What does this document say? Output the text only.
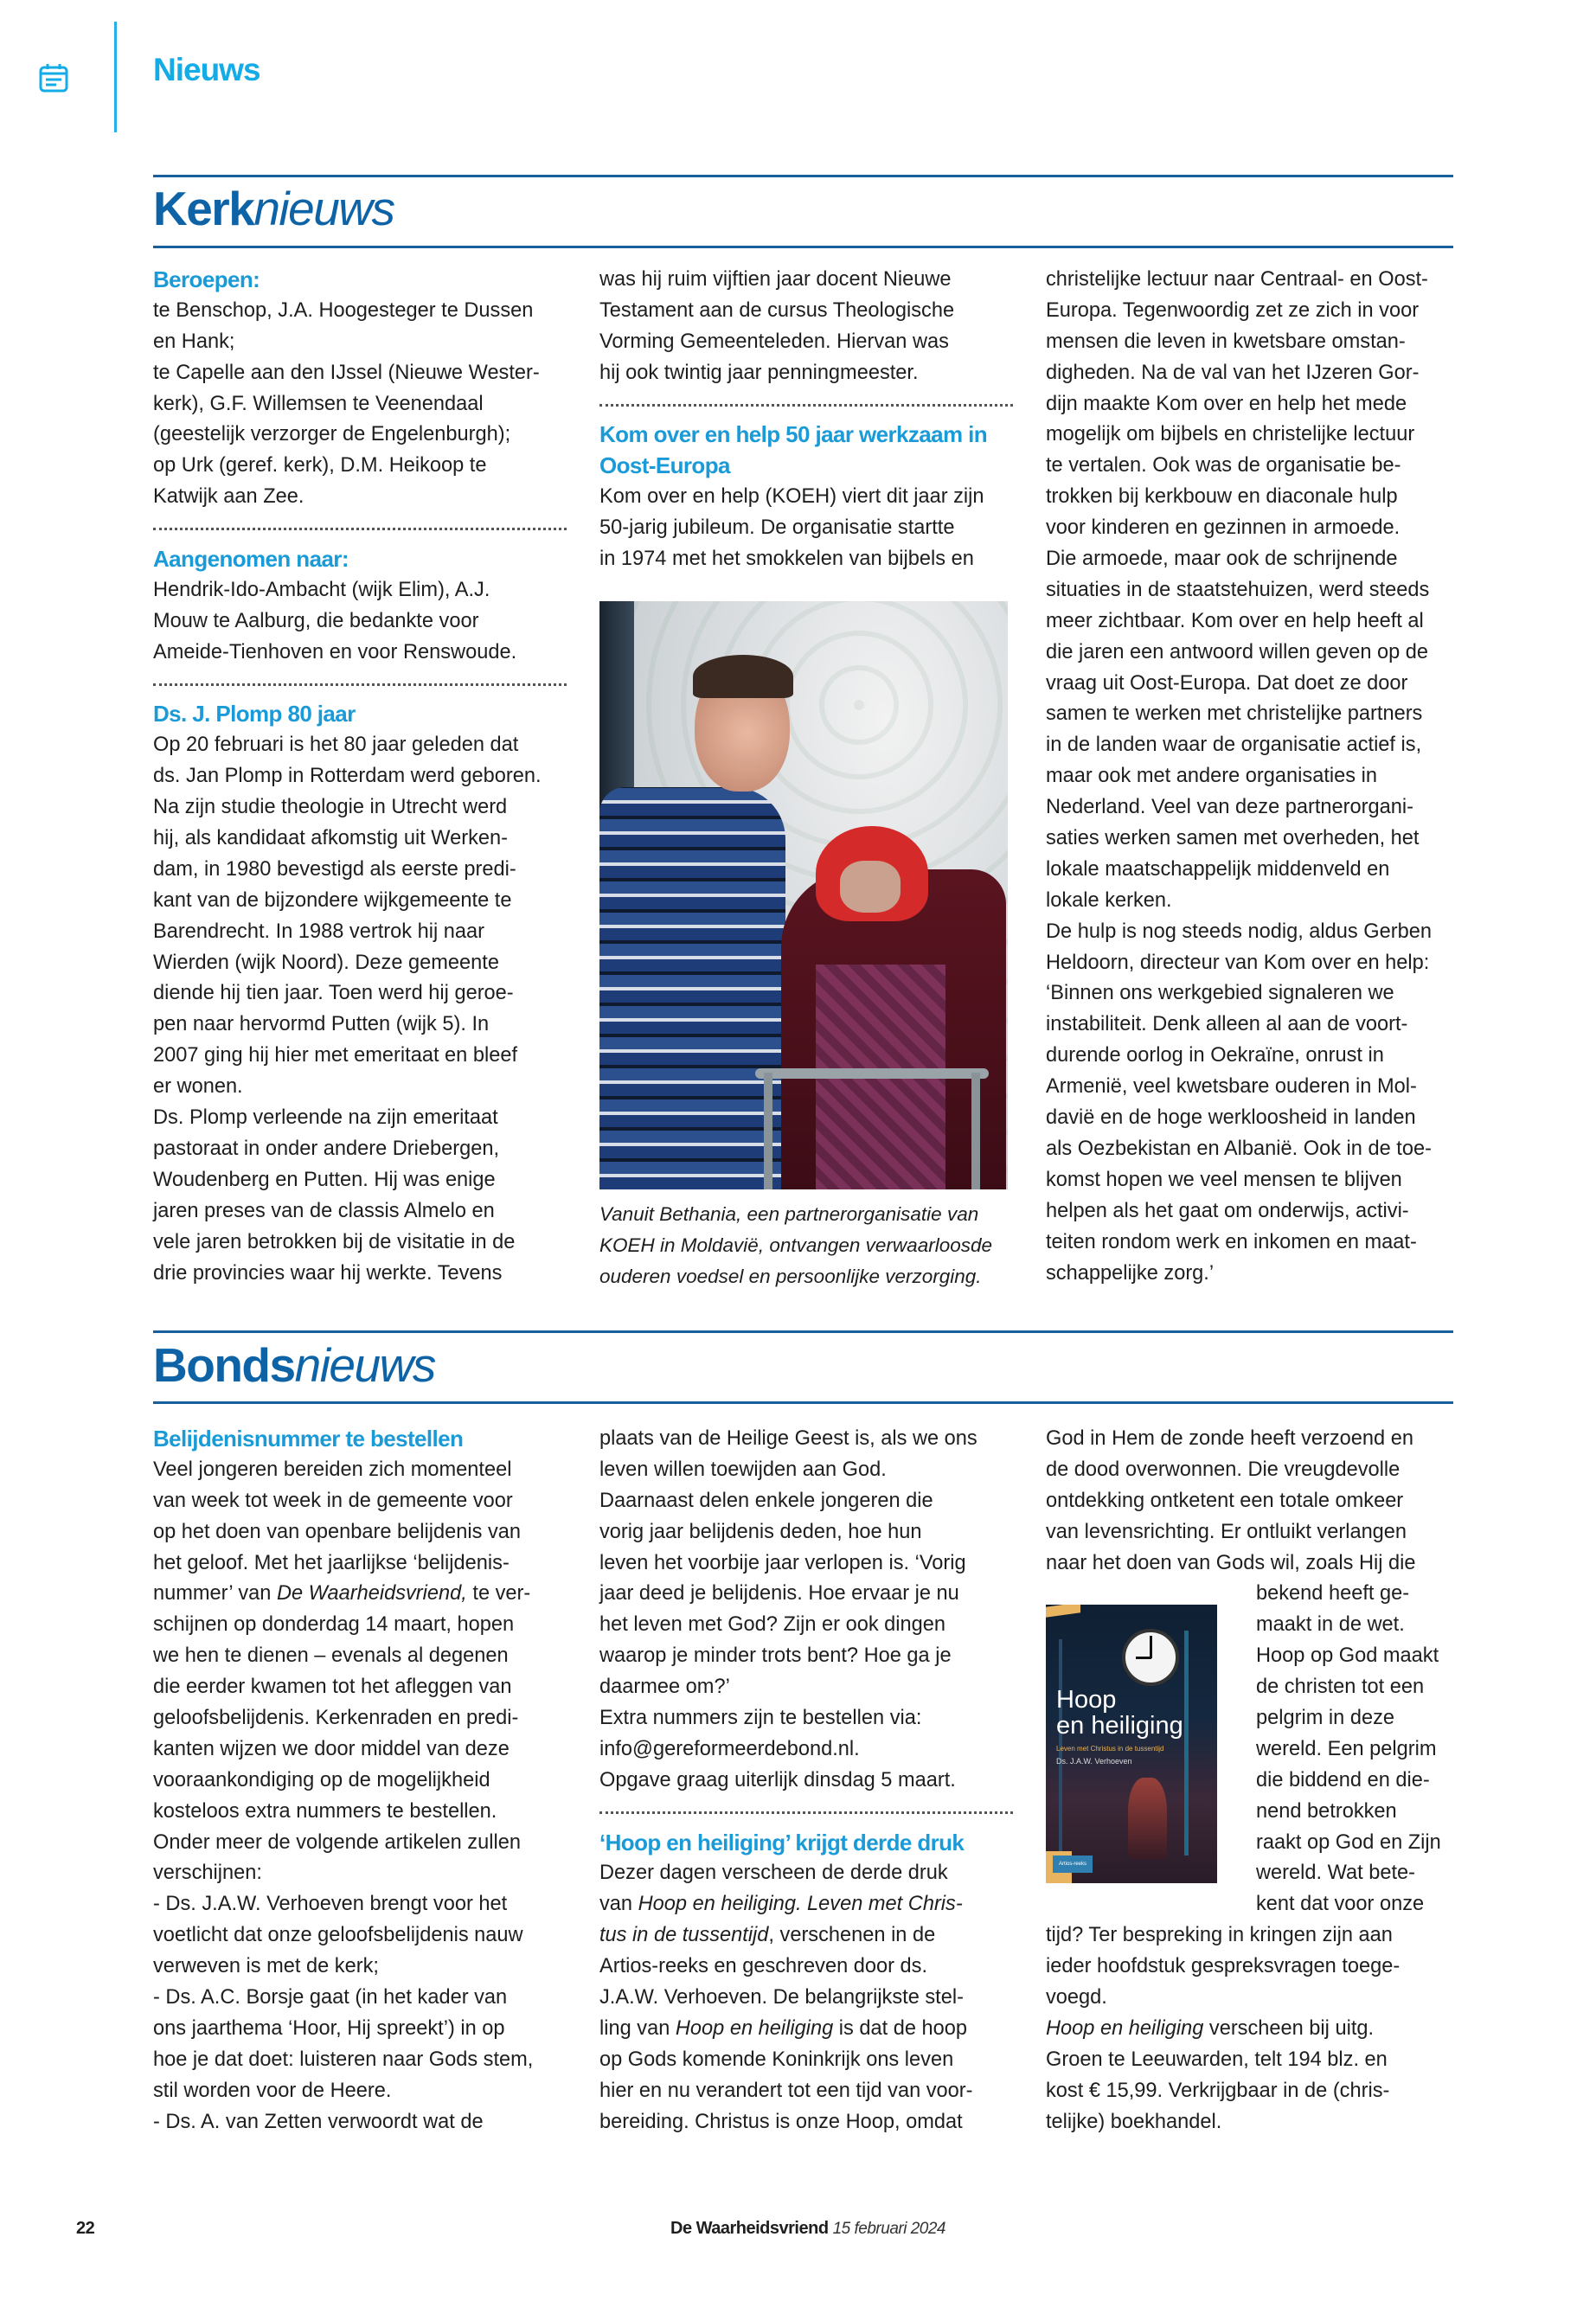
Nieuws
Kerknieuws
Beroepen:
te Benschop, J.A. Hoogesteger te Dussen
en Hank;
te Capelle aan den IJssel (Nieuwe Wester-
kerk), G.F. Willemsen te Veenendaal
(geestelijk verzorger de Engelenburgh);
op Urk (geref. kerk), D.M. Heikoop te
Katwijk aan Zee.
Aangenomen naar:
Hendrik-Ido-Ambacht (wijk Elim), A.J.
Mouw te Aalburg, die bedankte voor
Ameide-Tienhoven en voor Renswoude.
Ds. J. Plomp 80 jaar
Op 20 februari is het 80 jaar geleden dat
ds. Jan Plomp in Rotterdam werd geboren.
Na zijn studie theologie in Utrecht werd
hij, als kandidaat afkomstig uit Werken-
dam, in 1980 bevestigd als eerste predi-
kant van de bijzondere wijkgemeente te
Barendrecht. In 1988 vertrok hij naar
Wierden (wijk Noord). Deze gemeente
diende hij tien jaar. Toen werd hij geroe-
pen naar hervormd Putten (wijk 5). In
2007 ging hij hier met emeritaat en bleef
er wonen.
Ds. Plomp verleende na zijn emeritaat
pastoraat in onder andere Driebergen,
Woudenberg en Putten. Hij was enige
jaren preses van de classis Almelo en
vele jaren betrokken bij de visitatie in de
drie provincies waar hij werkte. Tevens
was hij ruim vijftien jaar docent Nieuwe
Testament aan de cursus Theologische
Vorming Gemeenteleden. Hiervan was
hij ook twintig jaar penningmeester.
Kom over en help 50 jaar werkzaam in
Oost-Europa
Kom over en help (KOEH) viert dit jaar zijn
50-jarig jubileum. De organisatie startte
in 1974 met het smokkelen van bijbels en
Vanuit Bethania, een partnerorganisatie van
KOEH in Moldavië, ontvangen verwaarloosde
ouderen voedsel en persoonlijke verzorging.
christelijke lectuur naar Centraal- en Oost-
Europa. Tegenwoordig zet ze zich in voor
mensen die leven in kwetsbare omstan-
digheden. Na de val van het IJzeren Gor-
dijn maakte Kom over en help het mede
mogelijk om bijbels en christelijke lectuur
te vertalen. Ook was de organisatie be-
trokken bij kerkbouw en diaconale hulp
voor kinderen en gezinnen in armoede.
Die armoede, maar ook de schrijnende
situaties in de staatstehuizen, werd steeds
meer zichtbaar. Kom over en help heeft al
die jaren een antwoord willen geven op de
vraag uit Oost-Europa. Dat doet ze door
samen te werken met christelijke partners
in de landen waar de organisatie actief is,
maar ook met andere organisaties in
Nederland. Veel van deze partnerorgani-
saties werken samen met overheden, het
lokale maatschappelijk middenveld en
lokale kerken.
De hulp is nog steeds nodig, aldus Gerben
Heldoorn, directeur van Kom over en help:
‘Binnen ons werkgebied signaleren we
instabiliteit. Denk alleen al aan de voort-
durende oorlog in Oekraïne, onrust in
Armenië, veel kwetsbare ouderen in Mol-
davië en de hoge werkloosheid in landen
als Oezbekistan en Albanië. Ook in de toe-
komst hopen we veel mensen te blijven
helpen als het gaat om onderwijs, activi-
teiten rondom werk en inkomen en maat-
schappelijke zorg.’
Bondsnieuws
Belijdenisnummer te bestellen
Veel jongeren bereiden zich momenteel
van week tot week in de gemeente voor
op het doen van openbare belijdenis van
het geloof. Met het jaarlijkse ‘belijdenis-
nummer’ van De Waarheidsvriend, te ver-
schijnen op donderdag 14 maart, hopen
we hen te dienen – evenals al degenen
die eerder kwamen tot het afleggen van
geloofsbelijdenis. Kerkenraden en predi-
kanten wijzen we door middel van deze
vooraankondiging op de mogelijkheid
kosteloos extra nummers te bestellen.
Onder meer de volgende artikelen zullen
verschijnen:
- Ds. J.A.W. Verhoeven brengt voor het
voetlicht dat onze geloofsbelijdenis nauw
verweven is met de kerk;
- Ds. A.C. Borsje gaat (in het kader van
ons jaarthema ‘Hoor, Hij spreekt’) in op
hoe je dat doet: luisteren naar Gods stem,
stil worden voor de Heere.
- Ds. A. van Zetten verwoordt wat de
plaats van de Heilige Geest is, als we ons
leven willen toewijden aan God.
Daarnaast delen enkele jongeren die
vorig jaar belijdenis deden, hoe hun
leven het voorbije jaar verlopen is. ‘Vorig
jaar deed je belijdenis. Hoe ervaar je nu
het leven met God? Zijn er ook dingen
waarop je minder trots bent? Hoe ga je
daarmee om?’
Extra nummers zijn te bestellen via:
info@gereformeerdebond.nl.
Opgave graag uiterlijk dinsdag 5 maart.
‘Hoop en heiliging’ krijgt derde druk
Dezer dagen verscheen de derde druk
van Hoop en heiliging. Leven met Chris-
tus in de tussentijd, verschenen in de
Artios-reeks en geschreven door ds.
J.A.W. Verhoeven. De belangrijkste stel-
ling van Hoop en heiliging is dat de hoop
op Gods komende Koninkrijk ons leven
hier en nu verandert tot een tijd van voor-
bereiding. Christus is onze Hoop, omdat
God in Hem de zonde heeft verzoend en
de dood overwonnen. Die vreugdevolle
ontdekking ontketent een totale omkeer
van levensrichting. Er ontluikt verlangen
naar het doen van Gods wil, zoals Hij die
bekend heeft ge-
maakt in de wet.
Hoop op God maakt
de christen tot een
pelgrim in deze
wereld. Een pelgrim
die biddend en die-
nend betrokken
raakt op God en Zijn
wereld. Wat bete-
kent dat voor onze
tijd? Ter bespreking in kringen zijn aan
ieder hoofdstuk gespreksvragen toege-
voegd.
Hoop en heiliging verscheen bij uitg.
Groen te Leeuwarden, telt 194 blz. en
kost € 15,99. Verkrijgbaar in de (chris-
telijke) boekhandel.
Hoop
en heiliging
Leven met Christus in de tussentijd
Ds. J.A.W. Verhoeven
Artios-reeks
22	De Waarheidsvriend 15 februari 2024
